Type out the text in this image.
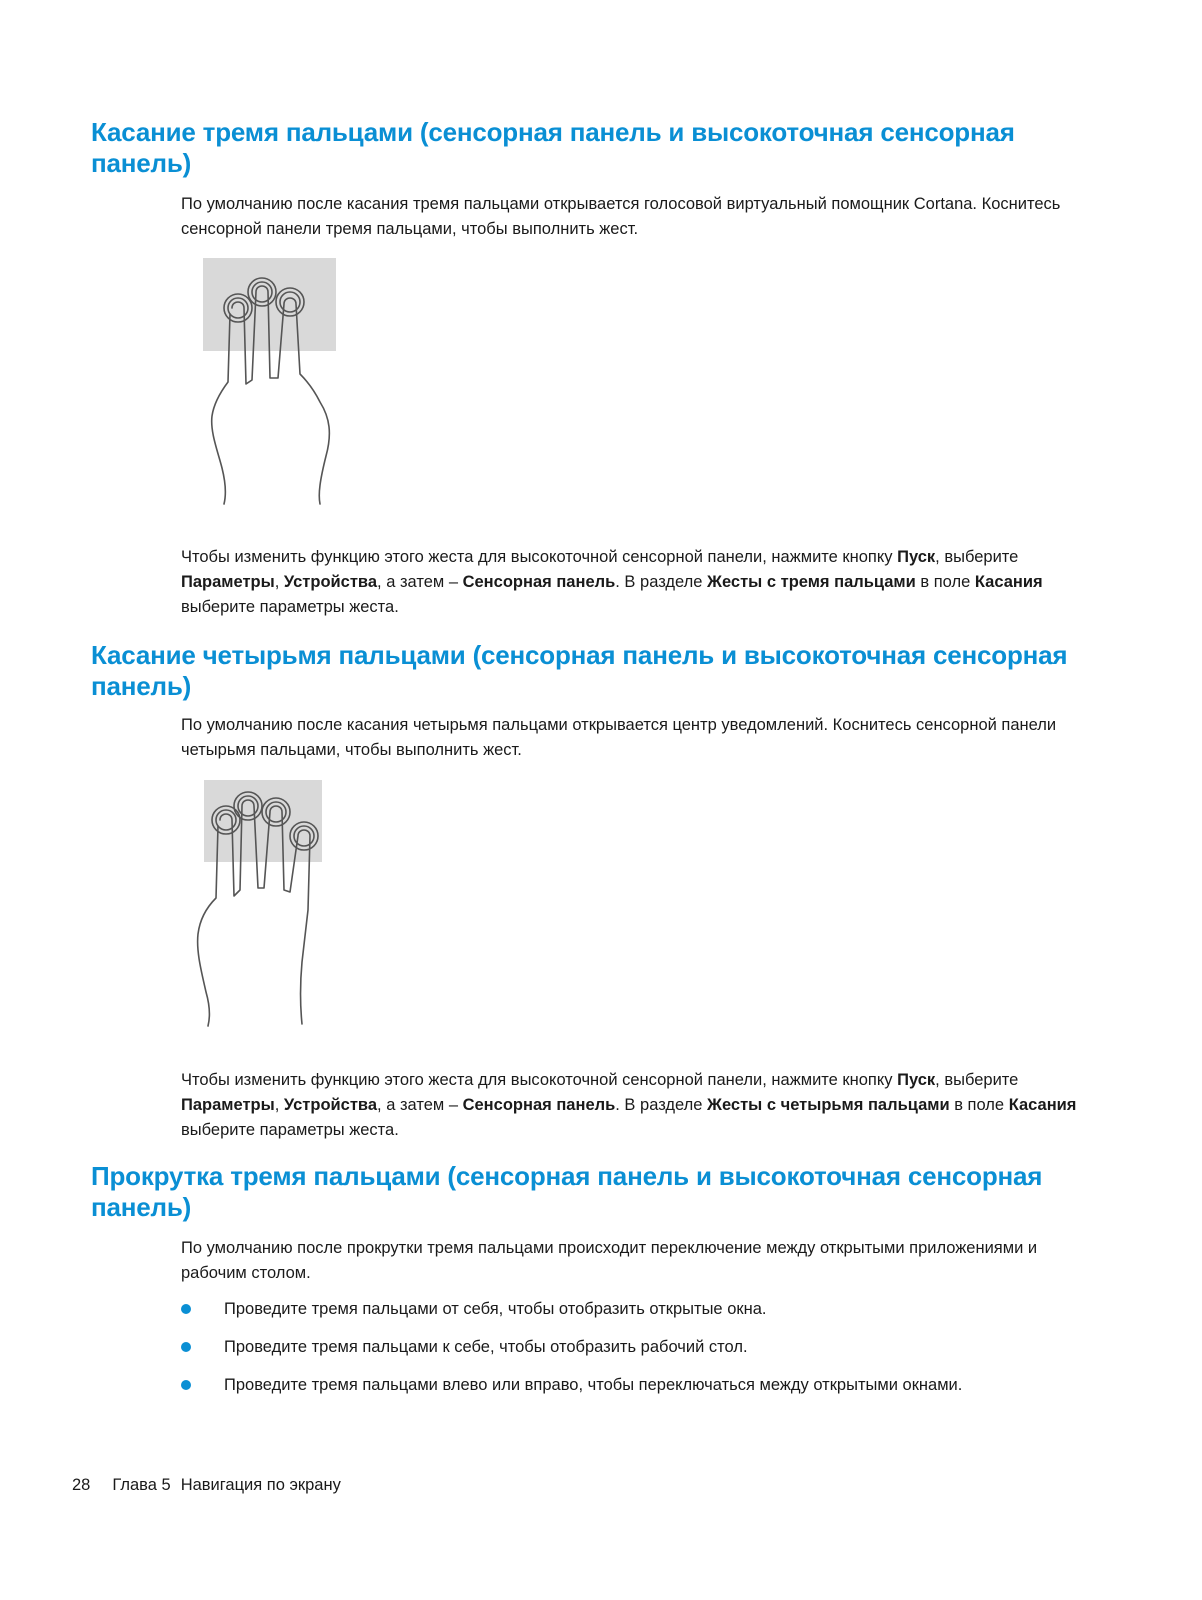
Касание тремя пальцами (сенсорная панель и высокоточная сенсорная панель)

По умолчанию после касания тремя пальцами открывается голосовой виртуальный помощник Cortana. Коснитесь сенсорной панели тремя пальцами, чтобы выполнить жест.

Чтобы изменить функцию этого жеста для высокоточной сенсорной панели, нажмите кнопку Пуск, выберите Параметры, Устройства, а затем – Сенсорная панель. В разделе Жесты с тремя пальцами в поле Касания выберите параметры жеста.

Касание четырьмя пальцами (сенсорная панель и высокоточная сенсорная панель)

По умолчанию после касания четырьмя пальцами открывается центр уведомлений. Коснитесь сенсорной панели четырьмя пальцами, чтобы выполнить жест.

Чтобы изменить функцию этого жеста для высокоточной сенсорной панели, нажмите кнопку Пуск, выберите Параметры, Устройства, а затем – Сенсорная панель. В разделе Жесты с четырьмя пальцами в поле Касания выберите параметры жеста.

Прокрутка тремя пальцами (сенсорная панель и высокоточная сенсорная панель)

По умолчанию после прокрутки тремя пальцами происходит переключение между открытыми приложениями и рабочим столом.

Проведите тремя пальцами от себя, чтобы отобразить открытые окна.
Проведите тремя пальцами к себе, чтобы отобразить рабочий стол.
Проведите тремя пальцами влево или вправо, чтобы переключаться между открытыми окнами.
28 Глава 5 Навигация по экрану
